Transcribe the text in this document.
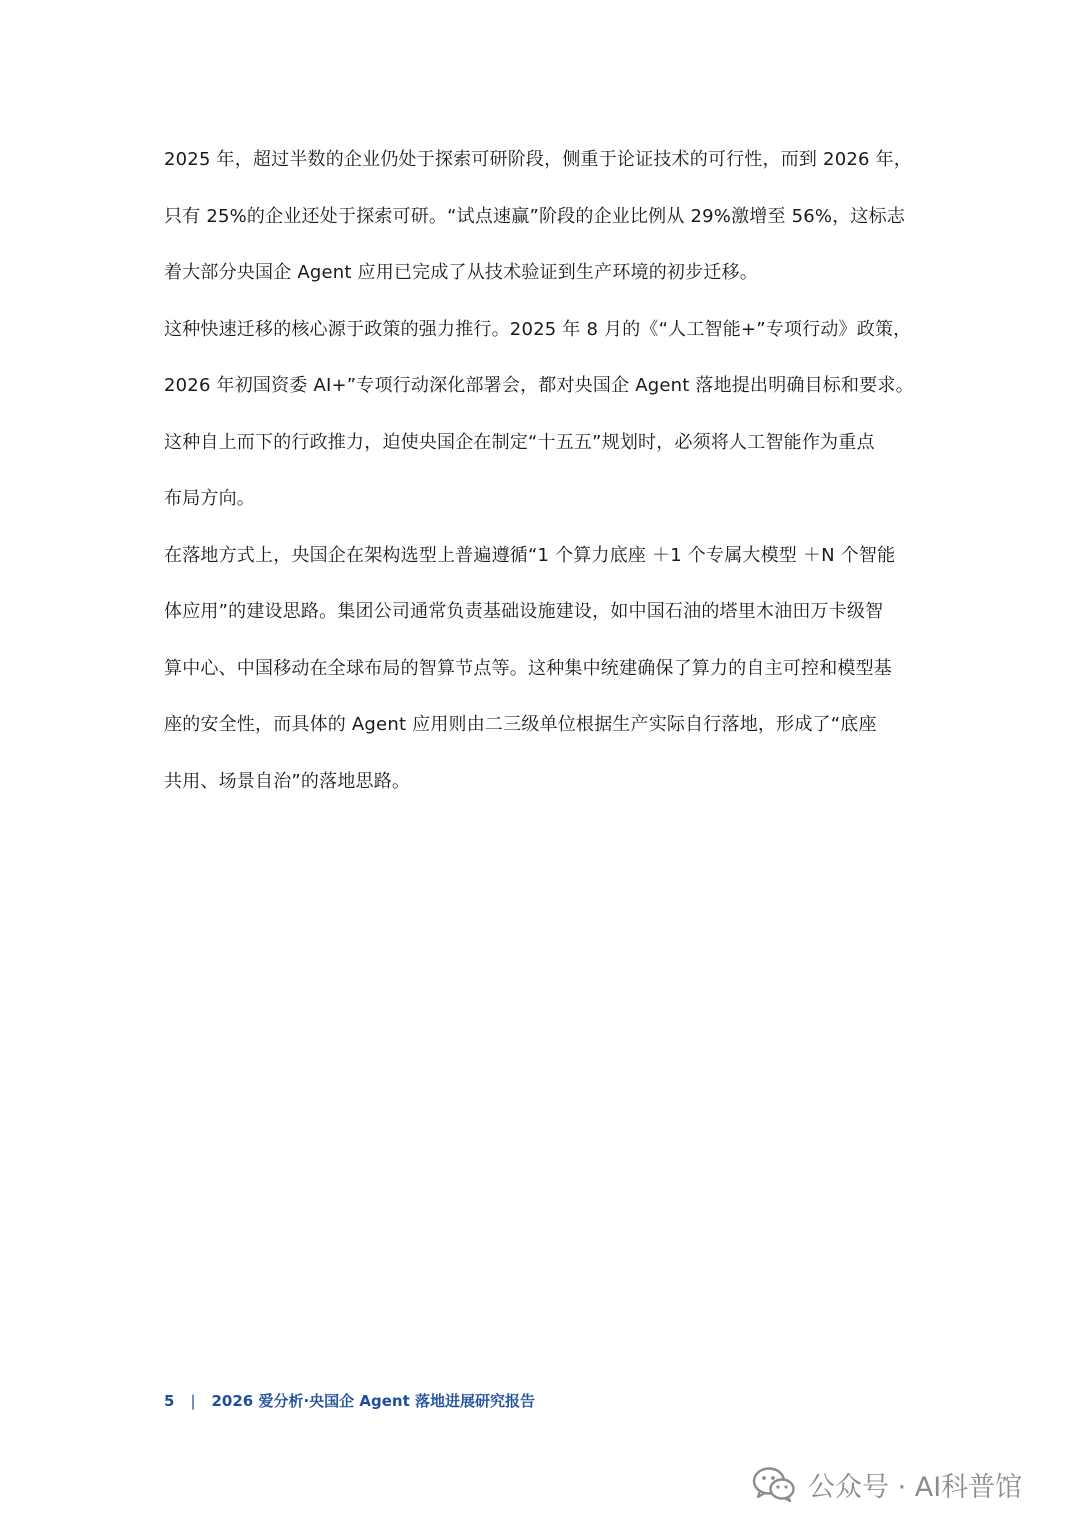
2025 年，超过半数的企业仍处于探索可研阶段，侧重于论证技术的可行性，而到 2026 年，
只有 25%的企业还处于探索可研。“试点速赢”阶段的企业比例从 29%激增至 56%，这标志
着大部分央国企 Agent 应用已完成了从技术验证到生产环境的初步迁移。
这种快速迁移的核心源于政策的强力推行。2025 年 8 月的《“人工智能+”专项行动》政策，
2026 年初国资委 AI+”专项行动深化部署会，都对央国企 Agent 落地提出明确目标和要求。
这种自上而下的行政推力，迫使央国企在制定“十五五”规划时，必须将人工智能作为重点
布局方向。
在落地方式上，央国企在架构选型上普遍遵循“1 个算力底座 ＋1 个专属大模型 ＋N 个智能
体应用”的建设思路。集团公司通常负责基础设施建设，如中国石油的塔里木油田万卡级智
算中心、中国移动在全球布局的智算节点等。这种集中统建确保了算力的自主可控和模型基
座的安全性，而具体的 Agent 应用则由二三级单位根据生产实际自行落地，形成了“底座
共用、场景自治”的落地思路。
5 | 2026 爱分析·央国企 Agent 落地进展研究报告
公众号 · AI科普馆
